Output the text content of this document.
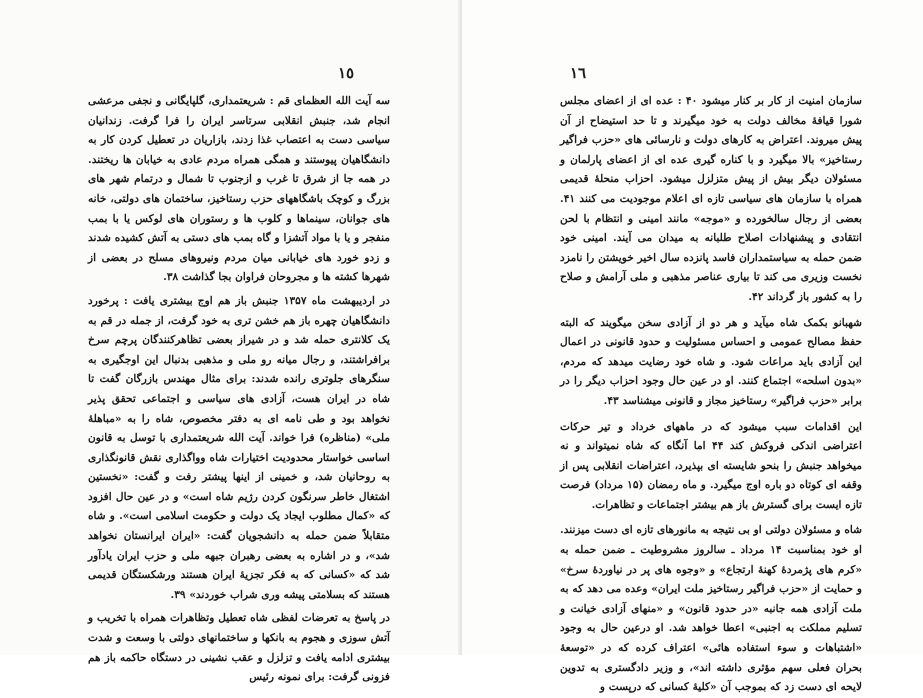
١٥

سه آیت الله العظمای قم : شریعتمداری، گلپایگانی و نجفی مرعشی انجام شد، جنبش انقلابی سرتاسر ایران را فرا گرفت. زندانیان سیاسی دست به اعتصاب غذا زدند، بازاریان در تعطیل کردن کار به دانشگاهیان پیوستند و همگی همراه مردم عادی به خیابان ها ریختند. در همه جا از شرق تا غرب و ازجنوب تا شمال و درتمام شهر های بزرگ و کوچک باشگاههای حزب رستاخیز، ساختمان های دولتی، خانه های جوانان، سینماها و کلوب ها و رستوران های لوکس یا با بمب منفجر و یا با مواد آتشزا و گاه بمب های دستی به آتش کشیده شدند و زدو خورد های خیابانی میان مردم ونیروهای مسلح در بعضی از شهرها کشته ها و مجروحان فراوان بجا گذاشت ۳۸.

در اردیبهشت ماه ۱۳۵۷ جنبش باز هم اوج بیشتری یافت : پرخورد دانشگاهیان چهره باز هم خشن تری به خود گرفت، از جمله در قم به یک کلانتری حمله شد و در شیراز بعضی تظاهرکنندگان پرچم سرخ برافراشتند، و رجال میانه رو ملی و مذهبی بدنبال این اوجگیری به سنگرهای جلوتری رانده شدند: برای مثال مهندس بازرگان گفت تا شاه در ایران هست، آزادی های سیاسی و اجتماعی تحقق پذیر نخواهد بود و طی نامه ای به دفتر مخصوص، شاه را به «مباهلهٔ ملی» (مناظره) فرا خواند. آیت الله شریعتمداری با توسل به قانون اساسی خواستار محدودیت اختیارات شاه وواگذاری نقش قانونگذاری به روحانیان شد، و خمینی از اینها پیشتر رفت و گفت: «نخستین اشتغال خاطر سرنگون کردن رژیم شاه است» و در عین حال افزود که «کمال مطلوب ایجاد یک دولت و حکومت اسلامی است». و شاه متقابلاً ضمن حمله به دانشجویان گفت: «ایران ایرانستان نخواهد شد»، و در اشاره به بعضی رهبران جبهه ملی و حزب ایران یادآور شد که «کسانی که به فکر تجزیهٔ ایران هستند ورشکستگان قدیمی هستند که بسلامتی پیشه وری شراب خوردند» ۳۹.

در پاسخ به تعرضات لفظی شاه تعطیل وتظاهرات همراه با تخریب و آتش سوزی و هجوم به بانکها و ساختمانهای دولتی با وسعت و شدت بیشتری ادامه یافت و تزلزل و عقب نشینی در دستگاه حاکمه باز هم فزونی گرفت: برای نمونه رئیس

١٦

سازمان امنیت از کار بر کنار میشود ۴۰ : عده ای از اعضای مجلس شورا قیافهٔ مخالف دولت به خود میگیرند و تا حد استیضاح از آن پیش میروند. اعتراض به کارهای دولت و نارسائی های «حزب فراگیر رستاخیز» بالا میگیرد و با کناره گیری عده ای از اعضای پارلمان و مسئولان دیگر بیش از پیش متزلزل میشود. احزاب منحلهٔ قدیمی همراه با سازمان های سیاسی تازه ای اعلام موجودیت می کنند ۴۱. بعضی از رجال سالخورده و «موجه» مانند امینی و انتظام با لحن انتقادی و پیشنهادات اصلاح طلبانه به میدان می آیند. امینی خود ضمن حمله به سیاستمداران فاسد پانزده سال اخیر خویشتن را نامزد نخست وزیری می کند تا بیاری عناصر مذهبی و ملی آرامش و صلاح را به کشور باز گرداند ۴۲.

شهبانو بکمک شاه میآید و هر دو از آزادی سخن میگویند که البته حفظ مصالح عمومی و احساس مسئولیت و حدود قانونی در اعمال این آزادی باید مراعات شود. و شاه خود رضایت میدهد که مردم، «بدون اسلحه» اجتماع کنند. او در عین حال وجود احزاب دیگر را در برابر «حزب فراگیر» رستاخیز مجاز و قانونی میشناسد ۴۳.

این اقدامات سبب میشود که در ماههای خرداد و تیر حرکات اعتراضی اندکی فروکش کند ۴۴ اما آنگاه که شاه نمیتواند و نه میخواهد جنبش را بنحو شایسته ای بپذیرد، اعتراضات انقلابی پس از وقفه ای کوتاه دو باره اوج میگیرد. و ماه رمضان (۱۵ مرداد) فرصت تازه ایست برای گسترش باز هم بیشتر اجتماعات و تظاهرات.

شاه و مسئولان دولتی او بی نتیجه به مانورهای تازه ای دست میزنند. او خود بمناسبت ۱۴ مرداد ـ سالروز مشروطیت ـ ضمن حمله به «کرم های پژمردهٔ کهنهٔ ارتجاع» و «وجوه های پر در نیاوردهٔ سرخ» و حمایت از «حزب فراگیر رستاخیز ملت ایران» وعده می دهد که به ملت آزادی همه جانبه «در حدود قانون» و «منهای آزادی خیانت و تسلیم مملکت به اجنبی» اعطا خواهد شد. او درعین حال به وجود «اشتباهات و سوء استفاده هائی» اعتراف کرده که در «توسعهٔ بحران فعلی سهم مؤثری داشته اند»، و وزیر دادگستری به تدوین لایحه ای دست زد که بموجب آن «کلیهٔ کسانی که درپست و
